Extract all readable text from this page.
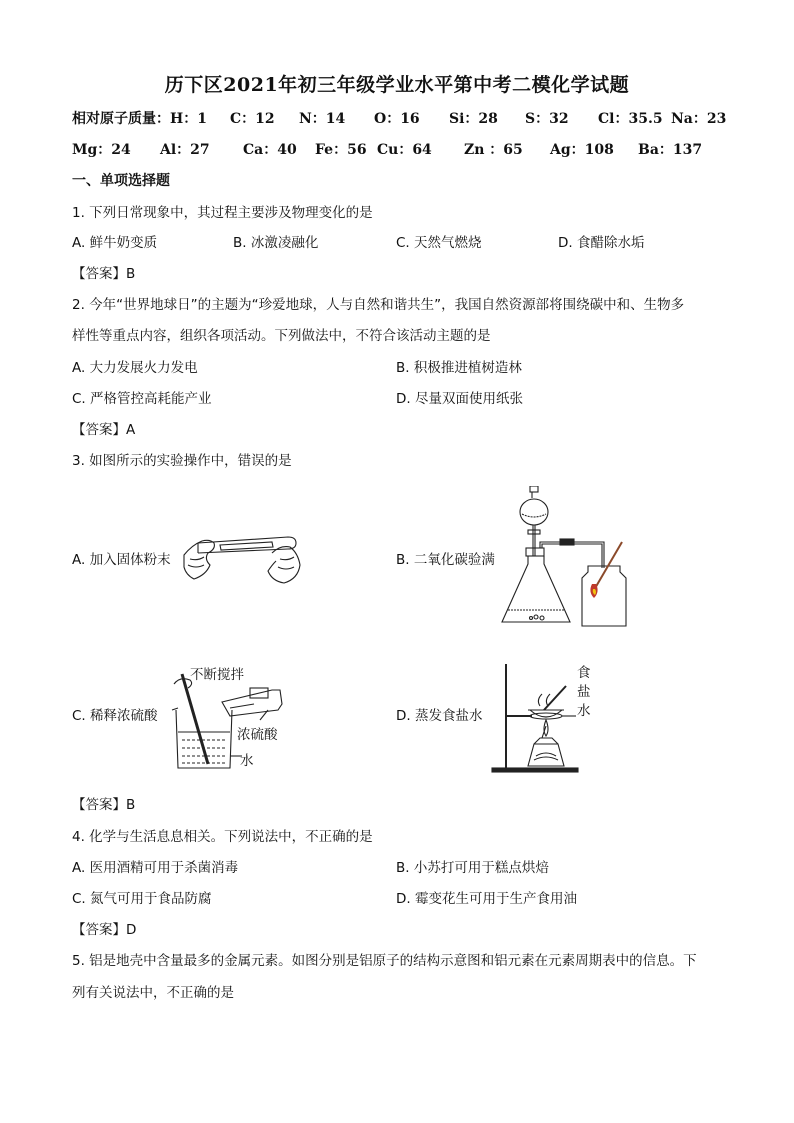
历下区2021年初三年级学业水平第中考二模化学试题
相对原子质量：H：1 C：12 N：14 O：16 Si：28 S：32 Cl：35.5 Na：23
Mg：24 Al：27 Ca：40 Fe：56 Cu：64 Zn ：65 Ag：108 Ba：137
一、单项选择题
1. 下列日常现象中，其过程主要涉及物理变化的是
A. 鲜牛奶变质	B. 冰激凌融化	C. 天然气燃烧	D. 食醋除水垢
【答案】B
2. 今年“世界地球日”的主题为“珍爱地球，人与自然和谐共生”，我国自然资源部将围绕碳中和、生物多
样性等重点内容，组织各项活动。下列做法中，不符合该活动主题的是
A. 大力发展火力发电	B. 积极推进植树造林
C. 严格管控高耗能产业	D. 尽量双面使用纸张
【答案】A
3. 如图所示的实验操作中，错误的是
A. 加入固体粉末	B. 二氧化碳验满
C. 稀释浓硫酸
不断搅拌
浓硫酸
水
D. 蒸发食盐水
食
盐
水
【答案】B
4. 化学与生活息息相关。下列说法中，不正确的是
A. 医用酒精可用于杀菌消毒	B. 小苏打可用于糕点烘焙
C. 氮气可用于食品防腐	D. 霉变花生可用于生产食用油
【答案】D
5. 铝是地壳中含量最多的金属元素。如图分别是铝原子的结构示意图和铝元素在元素周期表中的信息。下
列有关说法中，不正确的是
